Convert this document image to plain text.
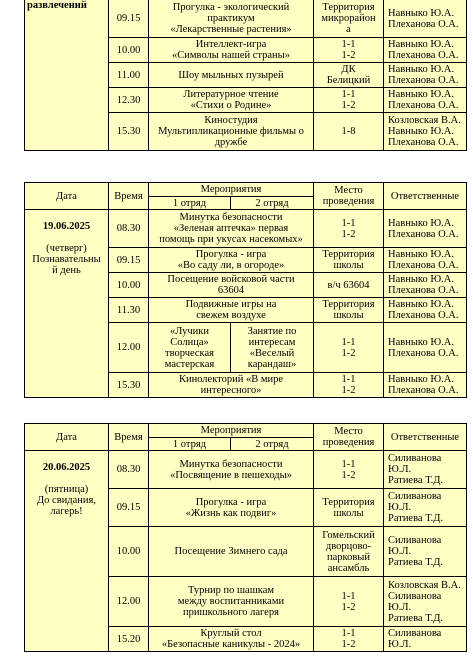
развлечений	09.15	Прогулка - экологический
практикум
«Лекарственные растения»	Территория
микрорайон
а	Навныко Ю.А.
Плеханова О.А.
	10.00	Интеллект-игра
«Символы нашей страны»	1-1
1-2	Навныко Ю.А.
Плеханова О.А.
	11.00	Шоу мыльных пузырей	ДК
Белицкий	Навныко Ю.А.
Плеханова О.А.
	12.30	Литературное чтение
«Стихи о Родине»	1-1
1-2	Навныко Ю.А.
Плеханова О.А.
	15.30	Киностудия
Мультипликационные фильмы о
дружбе	1-8	Козловская В.А.
Навныко Ю.А.
Плеханова О.А.
Дата	Время	Мероприятия		Место
проведения	Ответственные
		1 отряд	2 отряд		

19.06.2025

(четверг)
Познавательны
й день	08.30	Минутка безопасности
«Зеленая аптечка» первая
помощь при укусах насекомых»		1-1
1-2	Навныко Ю.А.
Плеханова О.А.
	09.15	Прогулка - игра
«Во саду ли, в огороде»		Территория
школы	Навныко Ю.А.
Плеханова О.А.
	10.00	Посещение войсковой части
63604		в/ч 63604	Навныко Ю.А.
Плеханова О.А.
	11.30	Подвижные игры на
свежем воздухе		Территория
школы	Навныко Ю.А.
Плеханова О.А.
	12.00	«Лучики
Солнца»
творческая
мастерская	Занятие по
интересам
«Веселый
карандаш»	1-1
1-2	Навныко Ю.А.
Плеханова О.А.
	15.30	Кинолекторий «В мире
интересного»		1-1
1-2	Навныко Ю.А.
Плеханова О.А.
Дата	Время	Мероприятия		Место
проведения	Ответственные
		1 отряд	2 отряд		

20.06.2025

(пятница)
До свидания,
лагерь!	08.30	Минутка безопасности
«Посвящение в пешеходы»		1-1
1-2	Силиванова
Ю.Л.
Ратиева Т.Д.
	09.15	Прогулка - игра
«Жизнь как подвиг»		Территория
школы	Силиванова
Ю.Л.
Ратиева Т.Д.
	10.00	Посещение Зимнего сада		Гомельский
дворцово-
парковый
ансамбль	Силиванова
Ю.Л.
Ратиева Т.Д.
	12.00	Турнир по шашкам
между воспитанниками
пришкольного лагеря		1-1
1-2	Козловская В.А.
Силиванова
Ю.Л.
Ратиева Т.Д.
	15.20	Круглый стол
«Безопасные каникулы - 2024»		1-1
1-2	Силиванова
Ю.Л.
